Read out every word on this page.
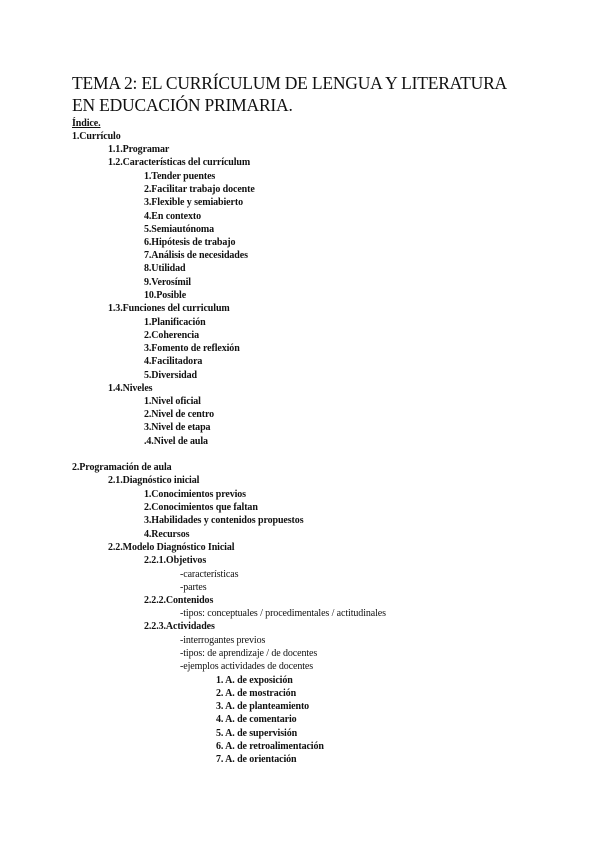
TEMA 2: EL CURRÍCULUM DE LENGUA Y LITERATURA
EN EDUCACIÓN PRIMARIA.
Índice.
1.Currículo
1.1.Programar
1.2.Características del currículum
1.Tender puentes
2.Facilitar trabajo docente
3.Flexible y semiabierto
4.En contexto
5.Semiautónoma
6.Hipótesis de trabajo
7.Análisis de necesidades
8.Utilidad
9.Verosímil
10.Posible
1.3.Funciones del curriculum
1.Planificación
2.Coherencia
3.Fomento de reflexión
4.Facilitadora
5.Diversidad
1.4.Niveles
1.Nivel oficial
2.Nivel de centro
3.Nivel de etapa
.4.Nivel de aula
2.Programación de aula
2.1.Diagnóstico inicial
1.Conocimientos previos
2.Conocimientos que faltan
3.Habilidades y contenidos propuestos
4.Recursos
2.2.Modelo Diagnóstico Inicial
2.2.1.Objetivos
-características
-partes
2.2.2.Contenidos
-tipos: conceptuales / procedimentales / actitudinales
2.2.3.Actividades
-interrogantes previos
-tipos: de aprendizaje / de docentes
-ejemplos actividades de docentes
1. A. de exposición
2. A. de mostración
3. A. de planteamiento
4. A. de comentario
5. A. de supervisión
6. A. de retroalimentación
7. A. de orientación
